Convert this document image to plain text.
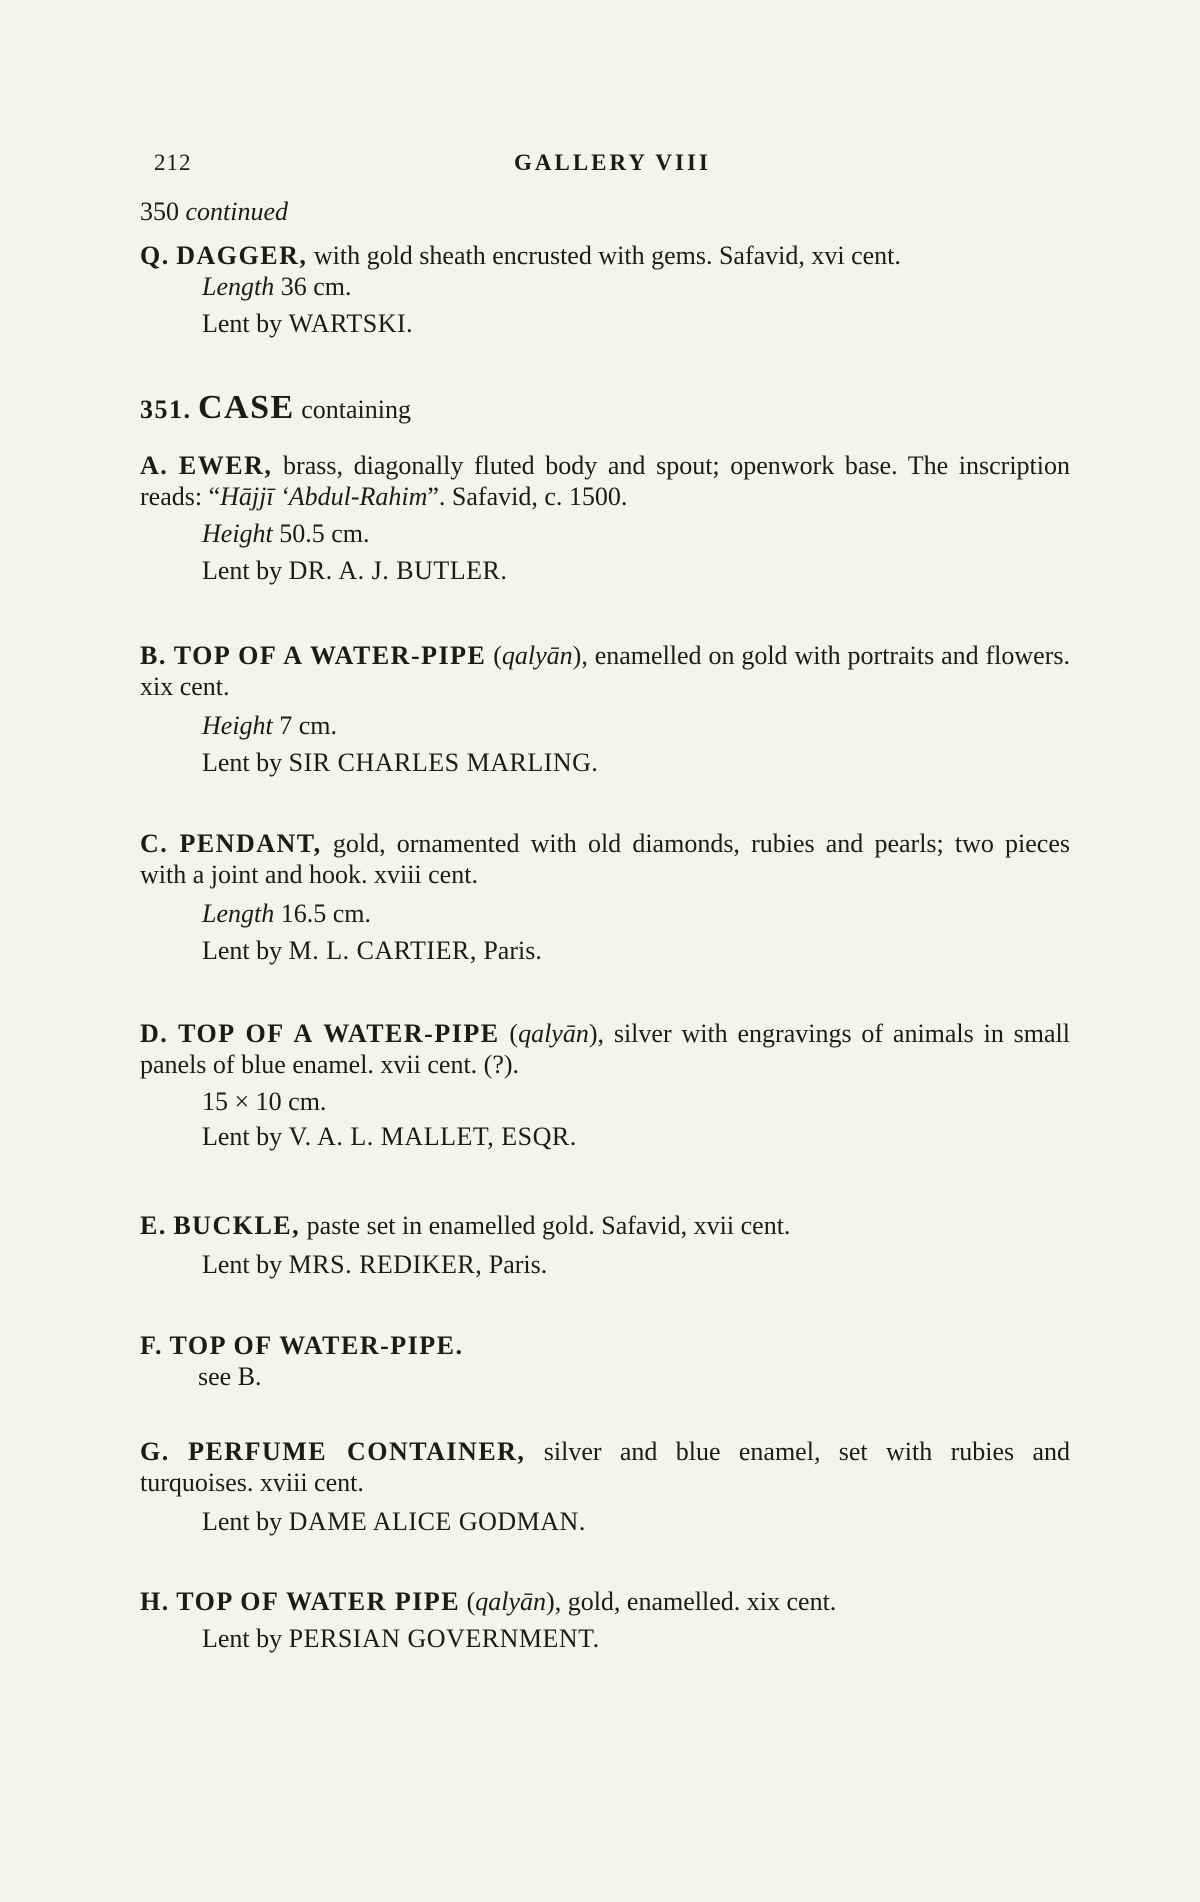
212	GALLERY VIII

350 continued

Q. DAGGER, with gold sheath encrusted with gems. Safavid, xvi cent.

Length 36 cm.

Lent by WARTSKI.

351. CASE containing

A. EWER, brass, diagonally fluted body and spout; openwork base. The inscription reads: “Hājjī ‘Abdul-Rahim”. Safavid, c. 1500.

Height 50.5 cm.

Lent by DR. A. J. BUTLER.

B. TOP OF A WATER-PIPE (qalyān), enamelled on gold with portraits and flowers. xix cent.

Height 7 cm.

Lent by SIR CHARLES MARLING.

C. PENDANT, gold, ornamented with old diamonds, rubies and pearls; two pieces with a joint and hook. xviii cent.

Length 16.5 cm.

Lent by M. L. CARTIER, Paris.

D. TOP OF A WATER-PIPE (qalyān), silver with engravings of animals in small panels of blue enamel. xvii cent. (?).

15 × 10 cm.

Lent by V. A. L. MALLET, ESQR.

E. BUCKLE, paste set in enamelled gold. Safavid, xvii cent.

Lent by MRS. REDIKER, Paris.

F. TOP OF WATER-PIPE.

see B.

G. PERFUME CONTAINER, silver and blue enamel, set with rubies and turquoises. xviii cent.

Lent by DAME ALICE GODMAN.

H. TOP OF WATER PIPE (qalyān), gold, enamelled. xix cent.

Lent by PERSIAN GOVERNMENT.
